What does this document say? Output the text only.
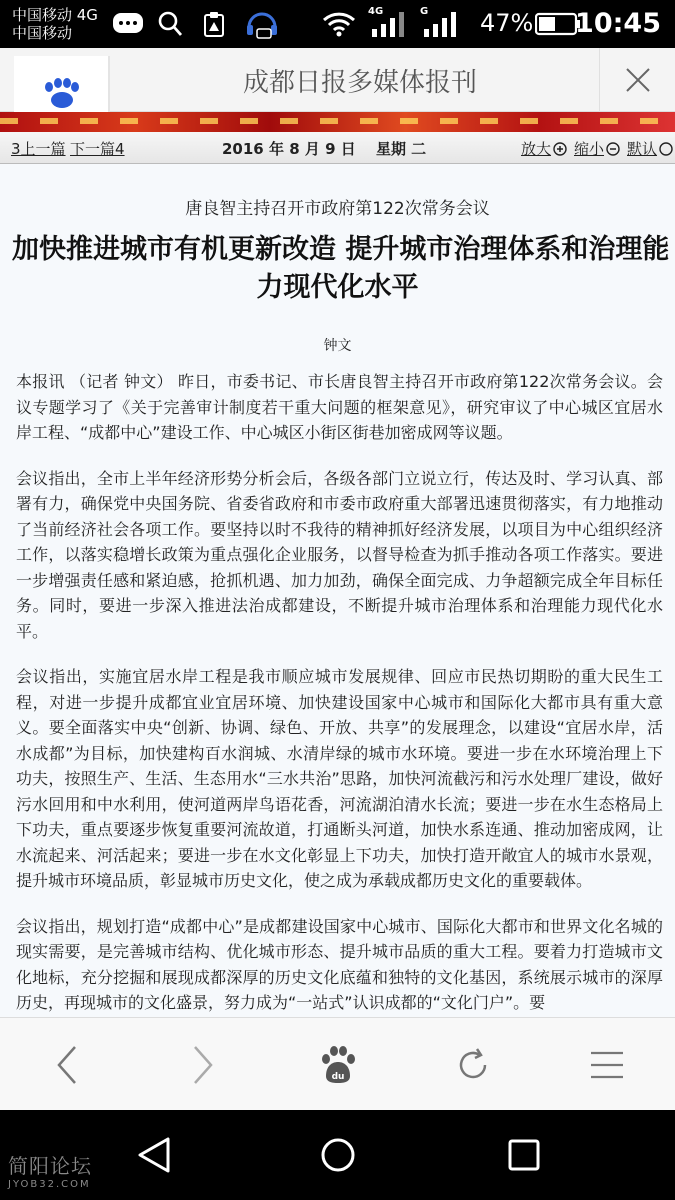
中国移动 4G
中国移动
4G	G 47% 10:45
成都日报多媒体报刊
3上一篇 下一篇4	2016 年 8 月 9 日　 星期 二	放大 缩小 默认
唐良智主持召开市政府第122次常务会议
加快推进城市有机更新改造 提升城市治理体系和治理能
力现代化水平
钟文

本报讯 （记者 钟文） 昨日，市委书记、市长唐良智主持召开市政府第122次常务会议。会议专题学习了《关于完善审计制度若干重大问题的框架意见》，研究审议了中心城区宜居水岸工程、“成都中心”建设工作、中心城区小街区街巷加密成网等议题。

会议指出，全市上半年经济形势分析会后，各级各部门立说立行，传达及时、学习认真、部署有力，确保党中央国务院、省委省政府和市委市政府重大部署迅速贯彻落实，有力地推动了当前经济社会各项工作。要坚持以时不我待的精神抓好经济发展，以项目为中心组织经济工作，以落实稳增长政策为重点强化企业服务，以督导检查为抓手推动各项工作落实。要进一步增强责任感和紧迫感，抢抓机遇、加力加劲，确保全面完成、力争超额完成全年目标任务。同时，要进一步深入推进法治成都建设，不断提升城市治理体系和治理能力现代化水平。

会议指出，实施宜居水岸工程是我市顺应城市发展规律、回应市民热切期盼的重大民生工程，对进一步提升成都宜业宜居环境、加快建设国家中心城市和国际化大都市具有重大意义。要全面落实中央“创新、协调、绿色、开放、共享”的发展理念，以建设“宜居水岸，活水成都”为目标，加快建构百水润城、水清岸绿的城市水环境。要进一步在水环境治理上下功夫，按照生产、生活、生态用水“三水共治”思路，加快河流截污和污水处理厂建设，做好污水回用和中水利用，使河道两岸鸟语花香，河流湖泊清水长流；要进一步在水生态格局上下功夫，重点要逐步恢复重要河流故道，打通断头河道，加快水系连通、推动加密成网，让水流起来、河活起来；要进一步在水文化彰显上下功夫，加快打造开敞宜人的城市水景观，提升城市环境品质，彰显城市历史文化，使之成为承载成都历史文化的重要载体。

会议指出，规划打造“成都中心”是成都建设国家中心城市、国际化大都市和世界文化名城的现实需要，是完善城市结构、优化城市形态、提升城市品质的重大工程。要着力打造城市文化地标，充分挖掘和展现成都深厚的历史文化底蕴和独特的文化基因，系统展示城市的深厚历史，再现城市的文化盛景，努力成为“一站式”认识成都的“文化门户”。要

du
简阳论坛
JYOB32.COM
